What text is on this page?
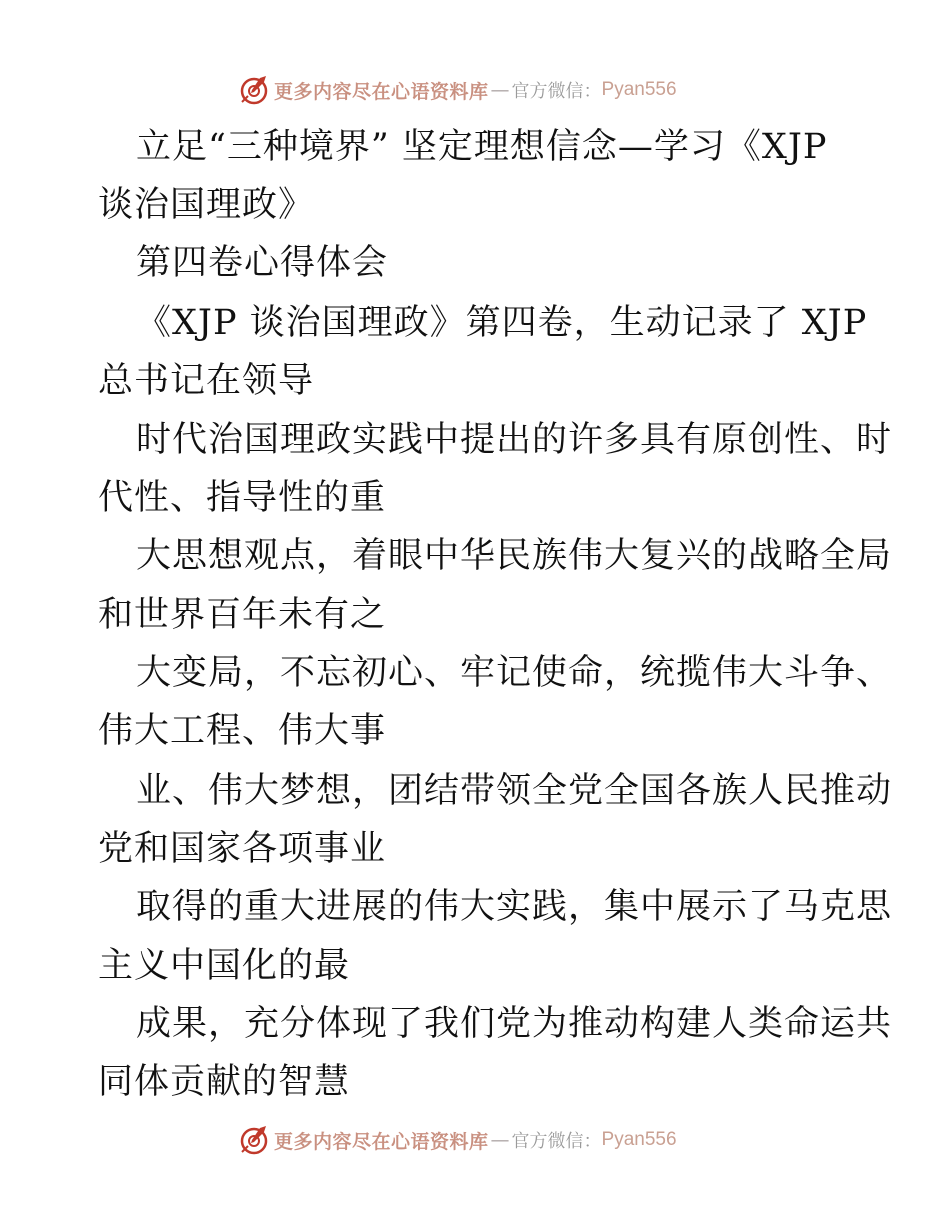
更多内容尽在心语资料库 — 官方微信： Pyan556
立足“三种境界” 坚定理想信念—学习《XJP
谈治国理政》
第四卷心得体会
《XJP 谈治国理政》第四卷，生动记录了 XJP
总书记在领导
时代治国理政实践中提出的许多具有原创性、时
代性、指导性的重
大思想观点，着眼中华民族伟大复兴的战略全局
和世界百年未有之
大变局，不忘初心、牢记使命，统揽伟大斗争、
伟大工程、伟大事
业、伟大梦想，团结带领全党全国各族人民推动
党和国家各项事业
取得的重大进展的伟大实践，集中展示了马克思
主义中国化的最
成果，充分体现了我们党为推动构建人类命运共
同体贡献的智慧
更多内容尽在心语资料库 — 官方微信： Pyan556
